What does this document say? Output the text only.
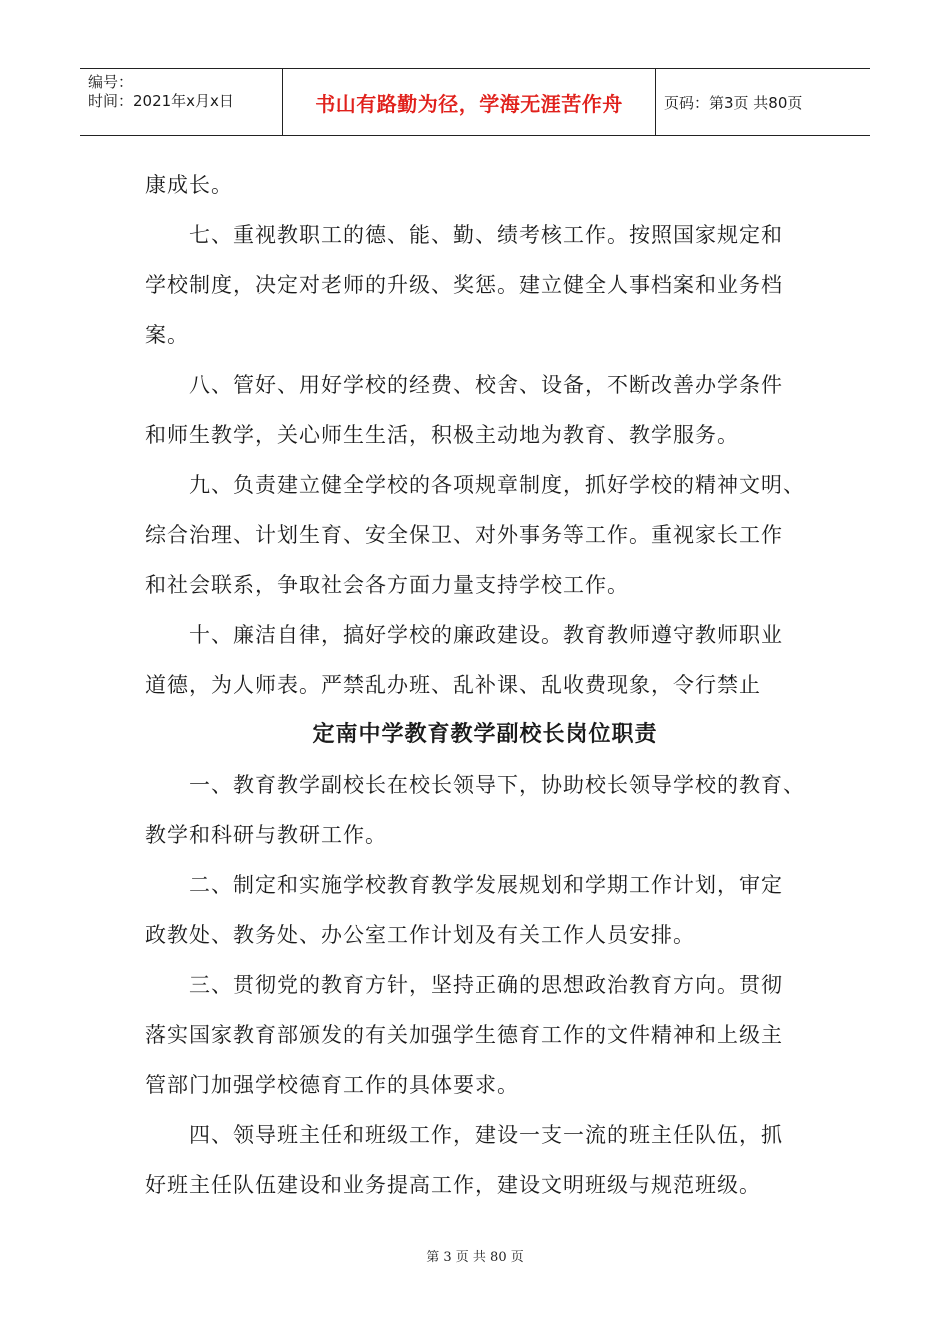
编号：
时间：2021年x月x日	书山有路勤为径，学海无涯苦作舟	页码：第3页 共80页

康成长。

七、重视教职工的德、能、勤、绩考核工作。按照国家规定和

学校制度，决定对老师的升级、奖惩。建立健全人事档案和业务档

案。

八、管好、用好学校的经费、校舍、设备，不断改善办学条件

和师生教学，关心师生生活，积极主动地为教育、教学服务。

九、负责建立健全学校的各项规章制度，抓好学校的精神文明、

综合治理、计划生育、安全保卫、对外事务等工作。重视家长工作

和社会联系，争取社会各方面力量支持学校工作。

十、廉洁自律，搞好学校的廉政建设。教育教师遵守教师职业

道德，为人师表。严禁乱办班、乱补课、乱收费现象，令行禁止

定南中学教育教学副校长岗位职责

一、教育教学副校长在校长领导下，协助校长领导学校的教育、

教学和科研与教研工作。

二、制定和实施学校教育教学发展规划和学期工作计划，审定

政教处、教务处、办公室工作计划及有关工作人员安排。

三、贯彻党的教育方针，坚持正确的思想政治教育方向。贯彻

落实国家教育部颁发的有关加强学生德育工作的文件精神和上级主

管部门加强学校德育工作的具体要求。

四、领导班主任和班级工作，建设一支一流的班主任队伍，抓

好班主任队伍建设和业务提高工作，建设文明班级与规范班级。

第 3 页 共 80 页
